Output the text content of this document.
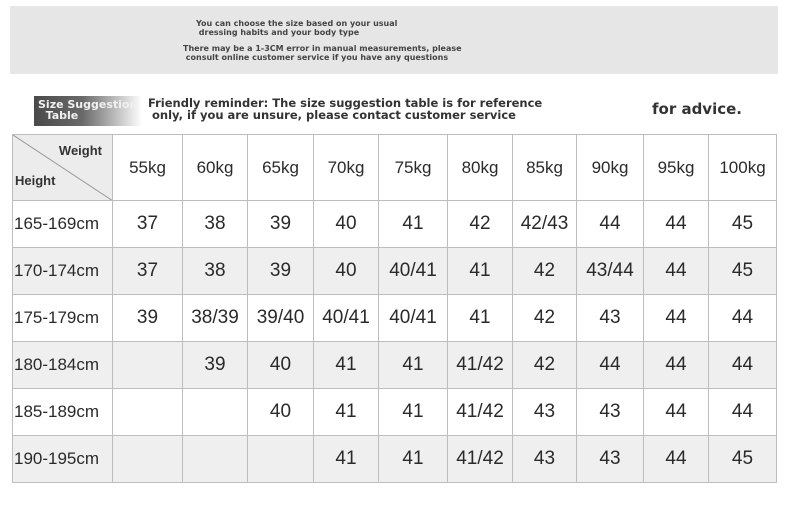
You can choose the size based on your usual
dressing habits and your body type
There may be a 1-3CM error in manual measurements, please
consult online customer service if you have any questions
Size Suggestion
Table
Friendly reminder: The size suggestion table is for reference
only, if you are unsure, please contact customer service	for advice.
Weight
Height	55kg	60kg	65kg	70kg	75kg	80kg	85kg	90kg	95kg	100kg
165-169cm	37	38	39	40	41	42	42/43	44	44	45
170-174cm	37	38	39	40	40/41	41	42	43/44	44	45
175-179cm	39	38/39	39/40	40/41	40/41	41	42	43	44	44
180-184cm		39	40	41	41	41/42	42	44	44	44
185-189cm			40	41	41	41/42	43	43	44	44
190-195cm				41	41	41/42	43	43	44	45
